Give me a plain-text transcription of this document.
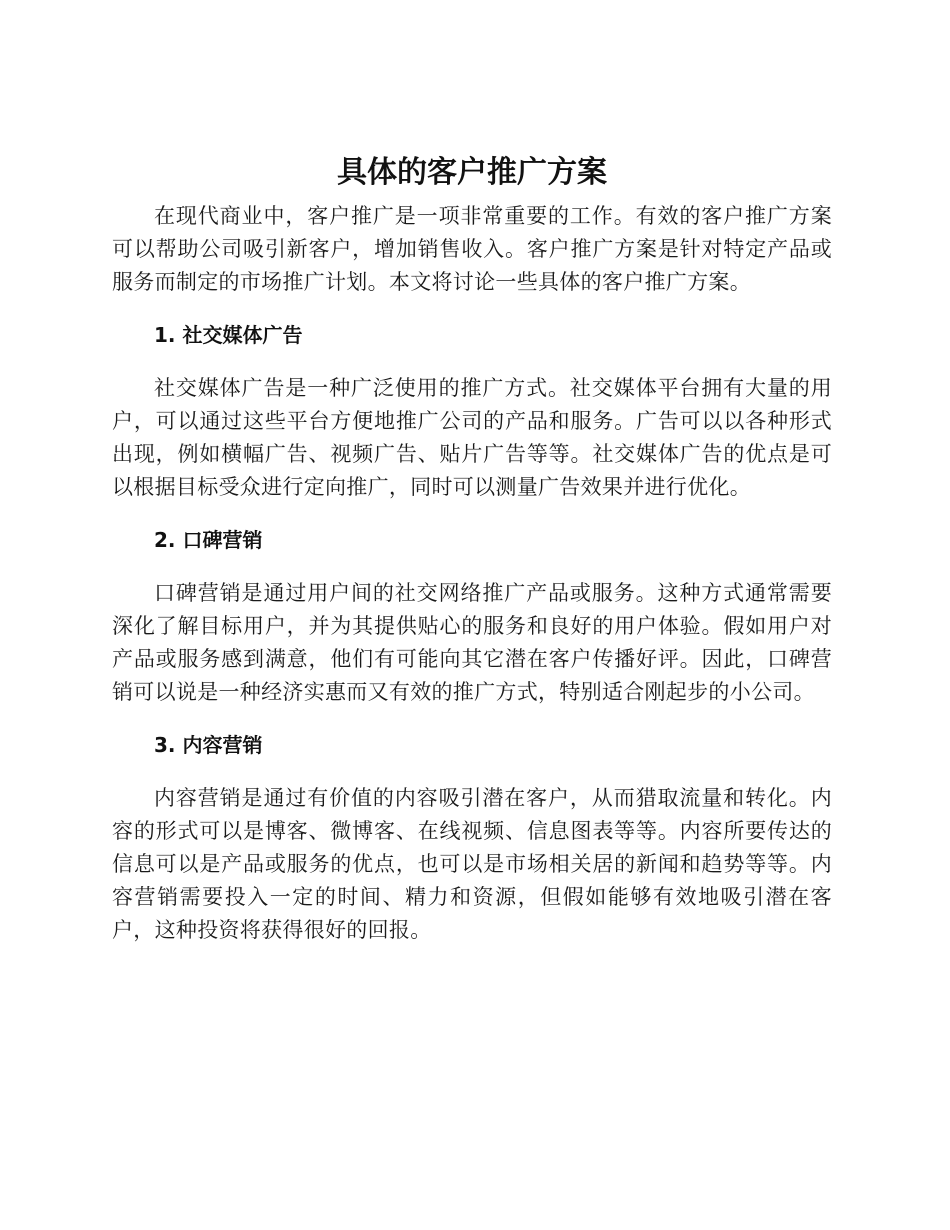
具体的客户推广方案

在现代商业中，客户推广是一项非常重要的工作。有效的客户推广方案可以帮助公司吸引新客户，增加销售收入。客户推广方案是针对特定产品或服务而制定的市场推广计划。本文将讨论一些具体的客户推广方案。

1. 社交媒体广告

社交媒体广告是一种广泛使用的推广方式。社交媒体平台拥有大量的用户，可以通过这些平台方便地推广公司的产品和服务。广告可以以各种形式出现，例如横幅广告、视频广告、贴片广告等等。社交媒体广告的优点是可以根据目标受众进行定向推广，同时可以测量广告效果并进行优化。

2. 口碑营销

口碑营销是通过用户间的社交网络推广产品或服务。这种方式通常需要深化了解目标用户，并为其提供贴心的服务和良好的用户体验。假如用户对产品或服务感到满意，他们有可能向其它潜在客户传播好评。因此，口碑营销可以说是一种经济实惠而又有效的推广方式，特别适合刚起步的小公司。

3. 内容营销

内容营销是通过有价值的内容吸引潜在客户，从而猎取流量和转化。内容的形式可以是博客、微博客、在线视频、信息图表等等。内容所要传达的信息可以是产品或服务的优点，也可以是市场相关居的新闻和趋势等等。内容营销需要投入一定的时间、精力和资源，但假如能够有效地吸引潜在客户，这种投资将获得很好的回报。
